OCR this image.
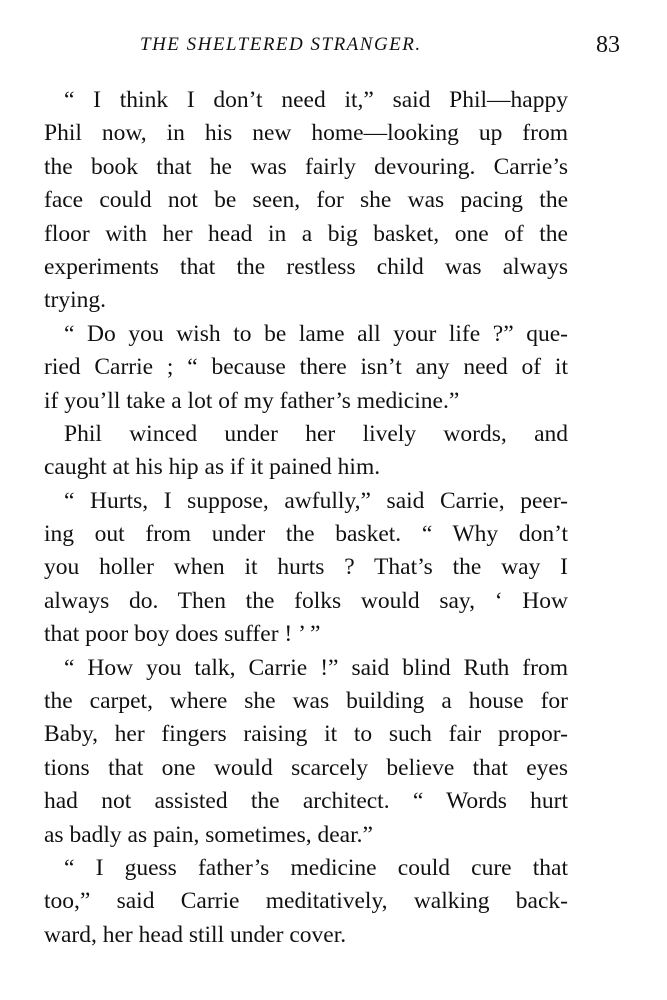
THE SHELTERED STRANGER.	83
“ I think I don’t need it,” said Phil—happy
Phil now, in his new home—looking up from
the book that he was fairly devouring. Carrie’s
face could not be seen, for she was pacing the
floor with her head in a big basket, one of the
experiments that the restless child was always
trying.
“ Do you wish to be lame all your life ?” que-
ried Carrie ; “ because there isn’t any need of it
if you’ll take a lot of my father’s medicine.”
Phil winced under her lively words, and
caught at his hip as if it pained him.
“ Hurts, I suppose, awfully,” said Carrie, peer-
ing out from under the basket. “ Why don’t
you holler when it hurts ? That’s the way I
always do. Then the folks would say, ‘ How
that poor boy does suffer ! ’ ”
“ How you talk, Carrie !” said blind Ruth from
the carpet, where she was building a house for
Baby, her fingers raising it to such fair propor-
tions that one would scarcely believe that eyes
had not assisted the architect. “ Words hurt
as badly as pain, sometimes, dear.”
“ I guess father’s medicine could cure that
too,” said Carrie meditatively, walking back-
ward, her head still under cover.
